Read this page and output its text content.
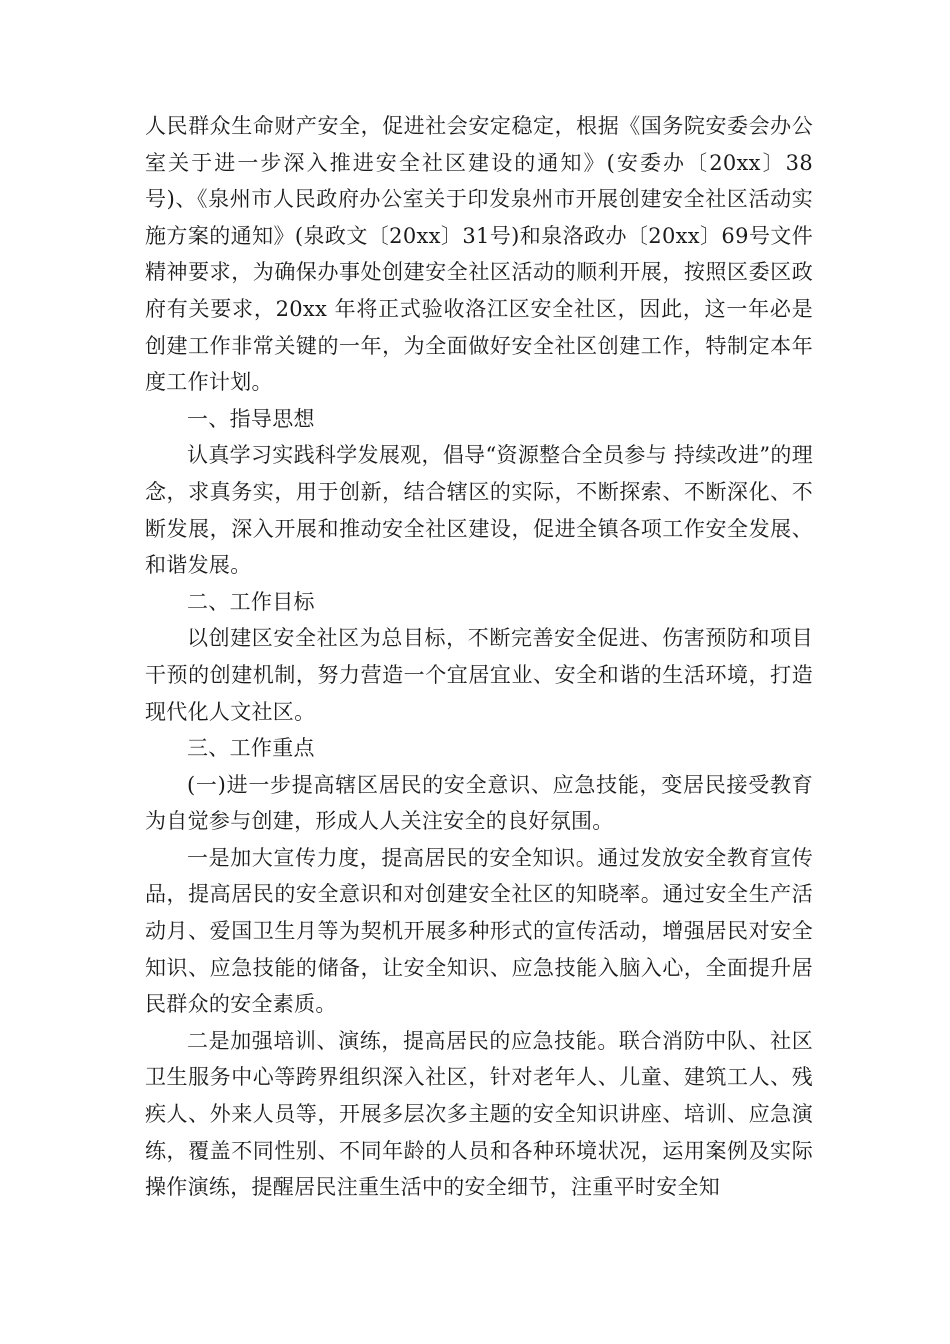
人民群众生命财产安全，促进社会安定稳定，根据《国务院安委会办公室关于进一步深入推进安全社区建设的通知》(安委办〔20xx〕38号)、《泉州市人民政府办公室关于印发泉州市开展创建安全社区活动实施方案的通知》(泉政文〔20xx〕31号)和泉洛政办〔20xx〕69号文件精神要求，为确保办事处创建安全社区活动的顺利开展，按照区委区政府有关要求，20xx 年将正式验收洛江区安全社区，因此，这一年必是创建工作非常关键的一年，为全面做好安全社区创建工作，特制定本年度工作计划。

一、指导思想

认真学习实践科学发展观，倡导“资源整合全员参与 持续改进”的理念，求真务实，用于创新，结合辖区的实际，不断探索、不断深化、不断发展，深入开展和推动安全社区建设，促进全镇各项工作安全发展、和谐发展。

二、工作目标

以创建区安全社区为总目标，不断完善安全促进、伤害预防和项目干预的创建机制，努力营造一个宜居宜业、安全和谐的生活环境，打造现代化人文社区。

三、工作重点

(一)进一步提高辖区居民的安全意识、应急技能，变居民接受教育为自觉参与创建，形成人人关注安全的良好氛围。

一是加大宣传力度，提高居民的安全知识。通过发放安全教育宣传品，提高居民的安全意识和对创建安全社区的知晓率。通过安全生产活动月、爱国卫生月等为契机开展多种形式的宣传活动，增强居民对安全知识、应急技能的储备，让安全知识、应急技能入脑入心，全面提升居民群众的安全素质。

二是加强培训、演练，提高居民的应急技能。联合消防中队、社区卫生服务中心等跨界组织深入社区，针对老年人、儿童、建筑工人、残疾人、外来人员等，开展多层次多主题的安全知识讲座、培训、应急演练，覆盖不同性别、不同年龄的人员和各种环境状况，运用案例及实际操作演练，提醒居民注重生活中的安全细节，注重平时安全知
